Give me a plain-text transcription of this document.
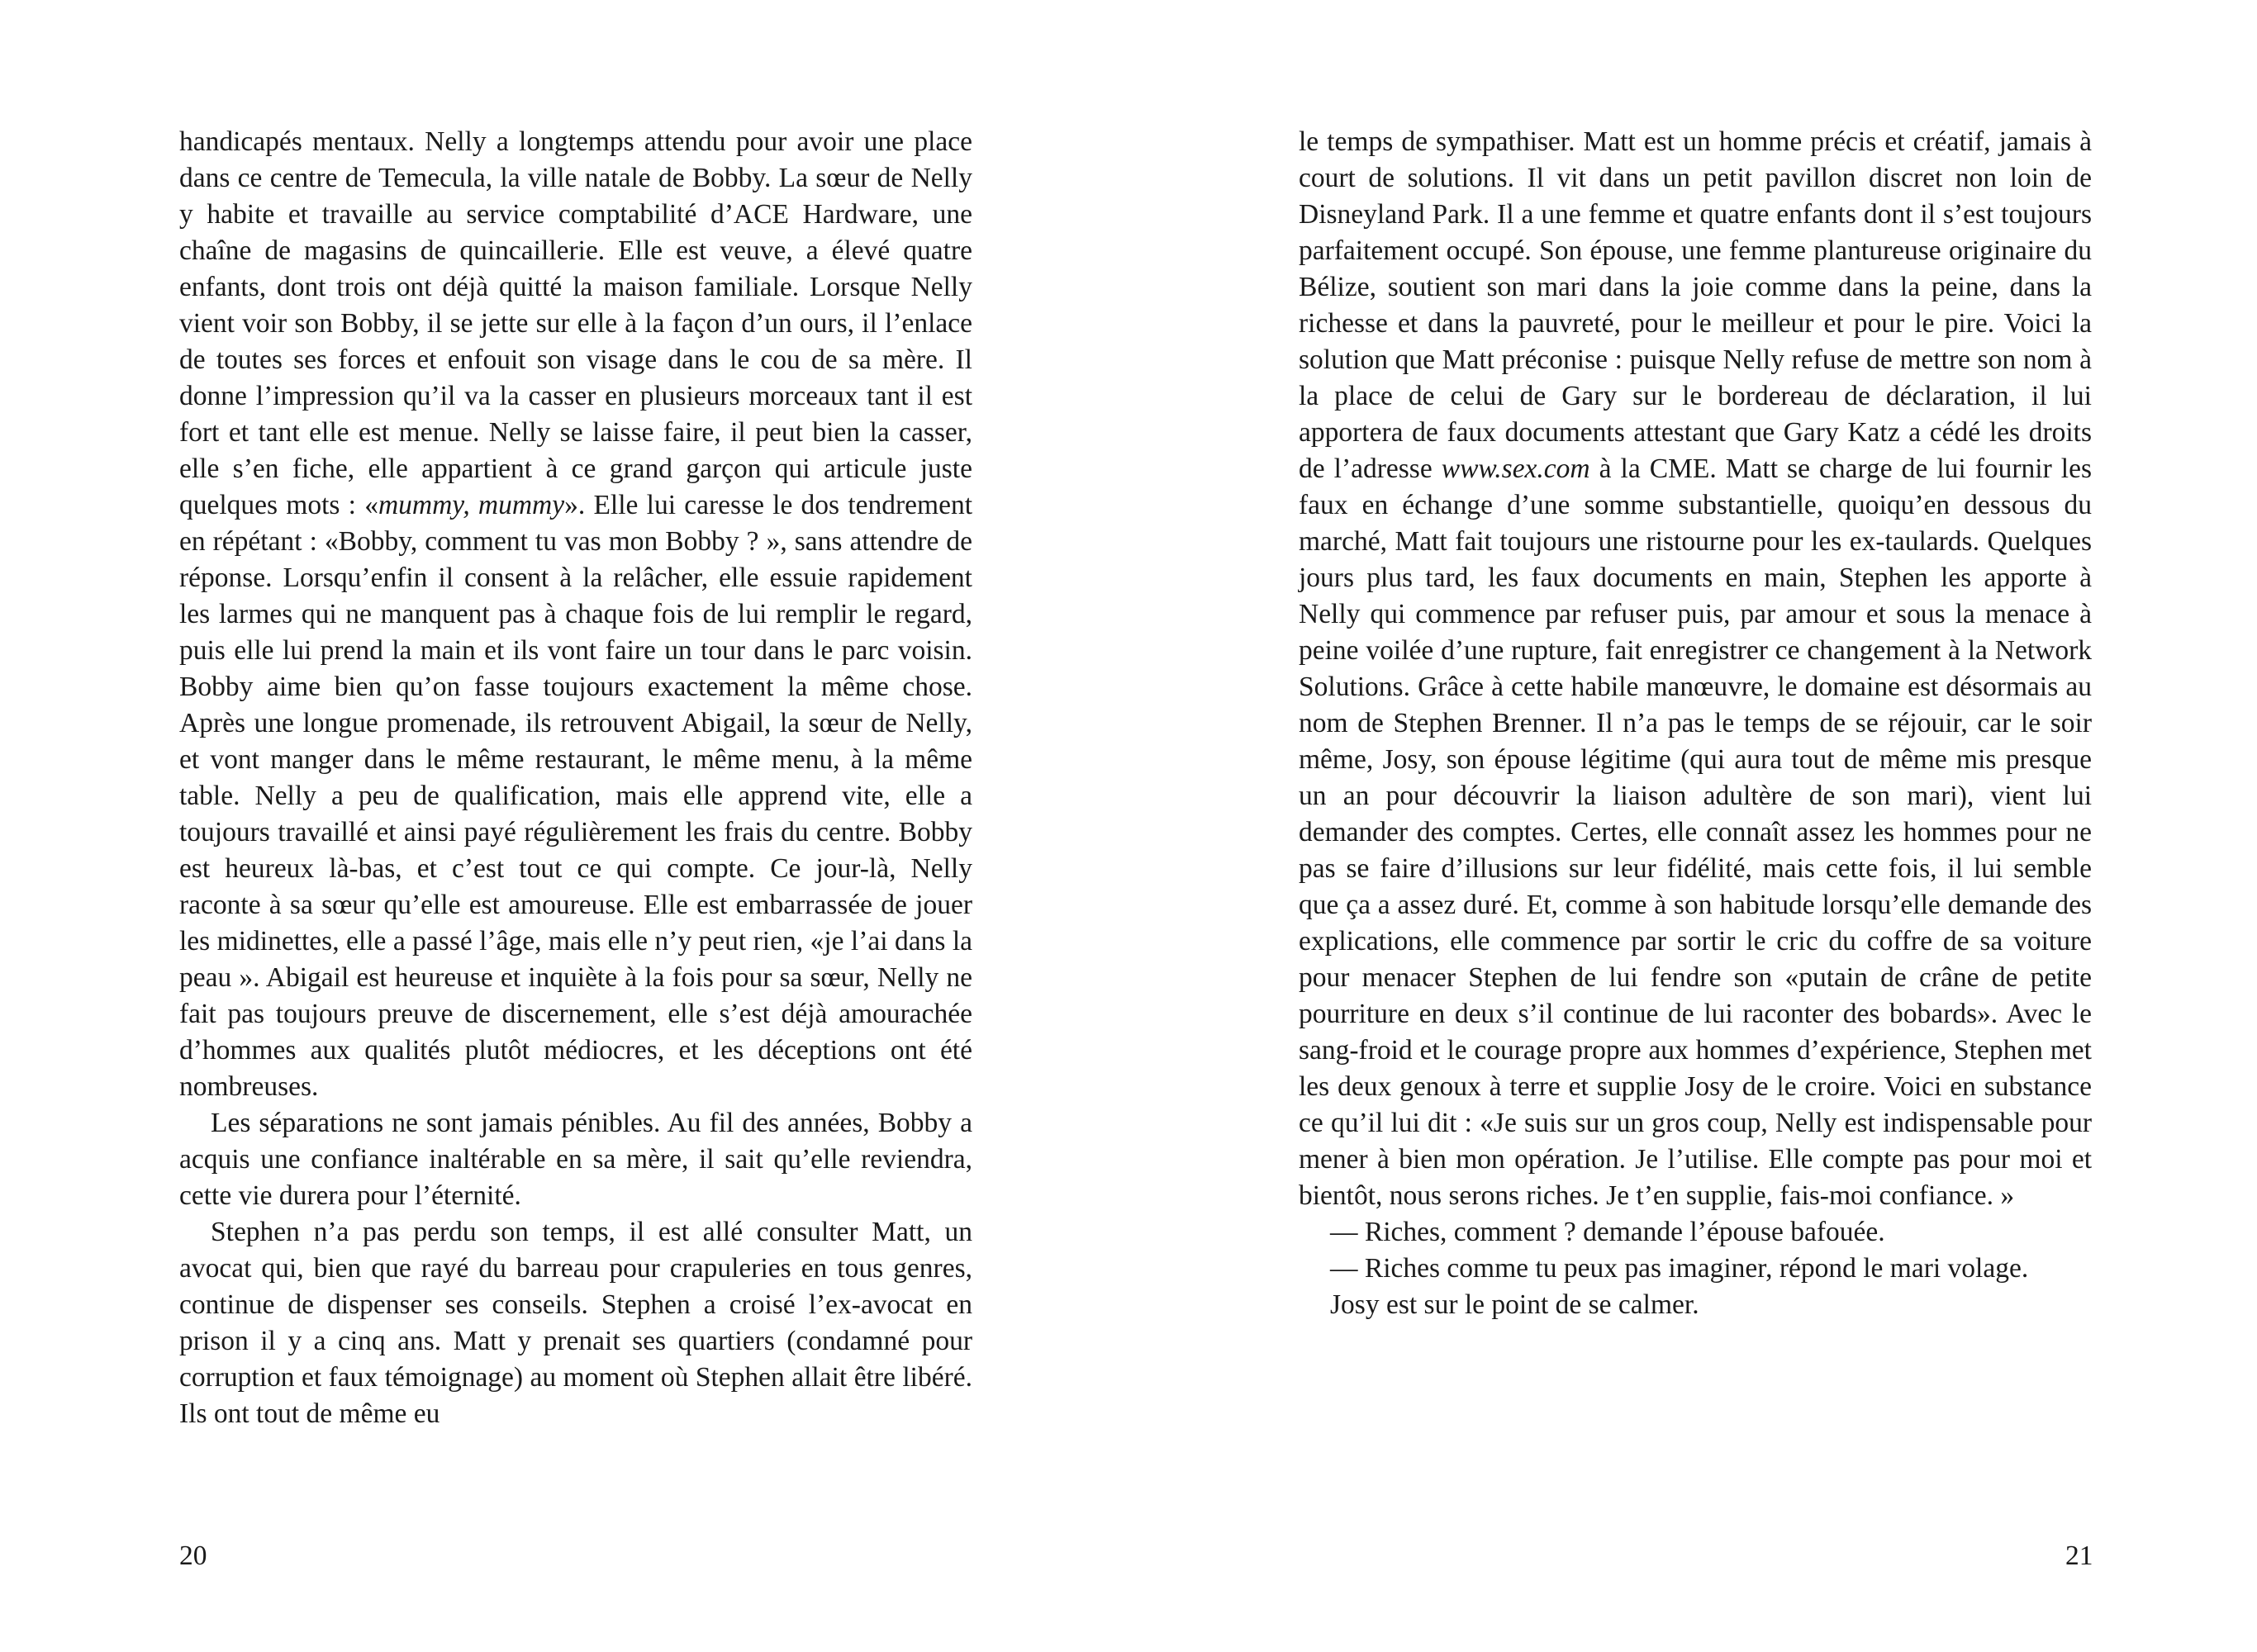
handicapés mentaux. Nelly a longtemps attendu pour avoir une place dans ce centre de Temecula, la ville natale de Bobby. La sœur de Nelly y habite et travaille au service comptabilité d’ACE Hardware, une chaîne de magasins de quincaillerie. Elle est veuve, a élevé quatre enfants, dont trois ont déjà quitté la maison familiale. Lorsque Nelly vient voir son Bobby, il se jette sur elle à la façon d’un ours, il l’enlace de toutes ses forces et enfouit son visage dans le cou de sa mère. Il donne l’impression qu’il va la casser en plusieurs morceaux tant il est fort et tant elle est menue. Nelly se laisse faire, il peut bien la casser, elle s’en fiche, elle appartient à ce grand garçon qui articule juste quelques mots : «mummy, mummy». Elle lui caresse le dos tendrement en répétant : «Bobby, comment tu vas mon Bobby ? », sans attendre de réponse. Lorsqu’enfin il consent à la relâcher, elle essuie rapidement les larmes qui ne manquent pas à chaque fois de lui remplir le regard, puis elle lui prend la main et ils vont faire un tour dans le parc voisin. Bobby aime bien qu’on fasse toujours exactement la même chose. Après une longue promenade, ils retrouvent Abigail, la sœur de Nelly, et vont manger dans le même restaurant, le même menu, à la même table. Nelly a peu de qualification, mais elle apprend vite, elle a toujours travaillé et ainsi payé régulièrement les frais du centre. Bobby est heureux là-bas, et c’est tout ce qui compte. Ce jour-là, Nelly raconte à sa sœur qu’elle est amoureuse. Elle est embarrassée de jouer les midinettes, elle a passé l’âge, mais elle n’y peut rien, «je l’ai dans la peau ». Abigail est heureuse et inquiète à la fois pour sa sœur, Nelly ne fait pas toujours preuve de discernement, elle s’est déjà amourachée d’hommes aux qualités plutôt médiocres, et les déceptions ont été nombreuses.

Les séparations ne sont jamais pénibles. Au fil des années, Bobby a acquis une confiance inaltérable en sa mère, il sait qu’elle reviendra, cette vie durera pour l’éternité.

Stephen n’a pas perdu son temps, il est allé consulter Matt, un avocat qui, bien que rayé du barreau pour crapuleries en tous genres, continue de dispenser ses conseils. Stephen a croisé l’ex-avocat en prison il y a cinq ans. Matt y prenait ses quartiers (condamné pour corruption et faux témoignage) au moment où Stephen allait être libéré. Ils ont tout de même eu

20

le temps de sympathiser. Matt est un homme précis et créatif, jamais à court de solutions. Il vit dans un petit pavillon discret non loin de Disneyland Park. Il a une femme et quatre enfants dont il s’est toujours parfaitement occupé. Son épouse, une femme plantureuse originaire du Bélize, soutient son mari dans la joie comme dans la peine, dans la richesse et dans la pauvreté, pour le meilleur et pour le pire. Voici la solution que Matt préconise : puisque Nelly refuse de mettre son nom à la place de celui de Gary sur le bordereau de déclaration, il lui apportera de faux documents attestant que Gary Katz a cédé les droits de l’adresse www.sex.com à la CME. Matt se charge de lui fournir les faux en échange d’une somme substantielle, quoiqu’en dessous du marché, Matt fait toujours une ristourne pour les ex-taulards. Quelques jours plus tard, les faux documents en main, Stephen les apporte à Nelly qui commence par refuser puis, par amour et sous la menace à peine voilée d’une rupture, fait enregistrer ce changement à la Network Solutions. Grâce à cette habile manœuvre, le domaine est désormais au nom de Stephen Brenner. Il n’a pas le temps de se réjouir, car le soir même, Josy, son épouse légitime (qui aura tout de même mis presque un an pour découvrir la liaison adultère de son mari), vient lui demander des comptes. Certes, elle connaît assez les hommes pour ne pas se faire d’illusions sur leur fidélité, mais cette fois, il lui semble que ça a assez duré. Et, comme à son habitude lorsqu’elle demande des explications, elle commence par sortir le cric du coffre de sa voiture pour menacer Stephen de lui fendre son «putain de crâne de petite pourriture en deux s’il continue de lui raconter des bobards». Avec le sang-froid et le courage propre aux hommes d’expérience, Stephen met les deux genoux à terre et supplie Josy de le croire. Voici en substance ce qu’il lui dit : «Je suis sur un gros coup, Nelly est indispensable pour mener à bien mon opération. Je l’utilise. Elle compte pas pour moi et bientôt, nous serons riches. Je t’en supplie, fais-moi confiance. »

— Riches, comment ? demande l’épouse bafouée.

— Riches comme tu peux pas imaginer, répond le mari volage.

Josy est sur le point de se calmer.

21
